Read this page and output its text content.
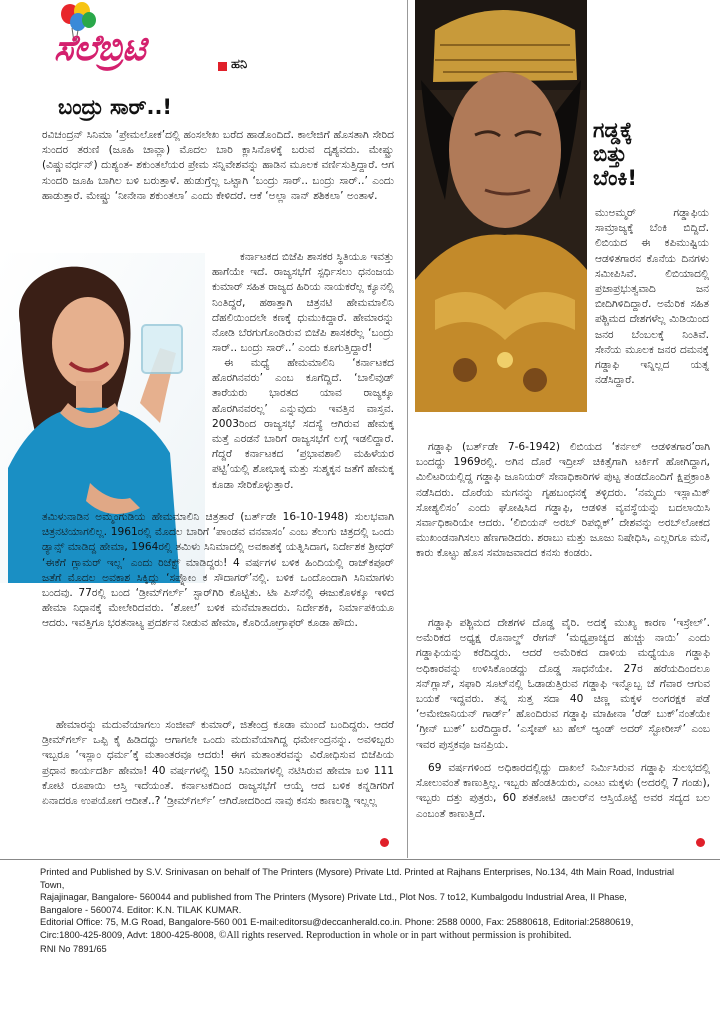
ಸೆಲೆಬ್ರಿಟಿ	ಹನಿ
ಬಂದ್ರು ಸಾರ್..!

ರವಿಚಂದ್ರನ್ ಸಿನಿಮಾ ‘ಪ್ರೇಮಲೋಕ’ದಲ್ಲಿ ಹಂಸಲೇಖ ಬರೆದ ಹಾಡೊಂದಿದೆ. ಕಾಲೇಜಿಗೆ ಹೊಸತಾಗಿ ಸೇರಿದ ಸುಂದರ ತರುಣಿ (ಜೂಹಿ ಚಾವ್ಲಾ) ಮೊದಲ ಬಾರಿ ಕ್ಲಾಸಿನೊಳಕ್ಕೆ ಬರುವ ದೃಶ್ಯವದು. ಮೇಷ್ಟ್ರು (ವಿಷ್ಣುವರ್ಧನ್) ದುಶ್ಯಂತ- ಶಕುಂತಲೆಯರ ಪ್ರೇಮ ಸನ್ನಿವೇಶವನ್ನು ಹಾಡಿನ ಮೂಲಕ ವರ್ಣಿಸುತ್ತಿದ್ದಾರೆ. ಆಗ ಸುಂದರಿ ಜೂಹಿ ಬಾಗಿಲ ಬಳಿ ಬರುತ್ತಾಳೆ. ಹುಡುಗ್ರೆಲ್ಲ ಒಟ್ಟಾಗಿ ‘ಬಂದ್ರು ಸಾರ್.. ಬಂದ್ರು ಸಾರ್..’ ಎಂದು ಹಾಡುತ್ತಾರೆ. ಮೇಷ್ಟ್ರು ‘ನೀನೇನಾ ಶಕುಂತಲಾ’ ಎಂದು ಕೇಳಿದರೆ. ಆಕೆ ‘ಅಲ್ಲಾ ನಾನ್ ಶಶಿಕಲಾ’ ಅಂತಾಳೆ.

ಕರ್ನಾಟಕದ ಬಿಜೆಪಿ ಶಾಸಕರ ಸ್ಥಿತಿಯೂ ಇವತ್ತು ಹಾಗೆಯೇ ಇದೆ. ರಾಜ್ಯಸಭೆಗೆ ಸ್ಪರ್ಧಿಸಲು ಧನಂಜಯ ಕುಮಾರ್ ಸಹಿತ ರಾಜ್ಯದ ಹಿರಿಯ ನಾಯಕರೆಲ್ಲ ಕ್ಯೂನಲ್ಲಿ ನಿಂತಿದ್ದರೆ, ಹಠಾತ್ತಾಗಿ ಚಿತ್ರನಟಿ ಹೇಮಮಾಲಿನಿ ದೆಹಲಿಯಿಂದಲೇ ಕಣಕ್ಕೆ ಧುಮುಕಿದ್ದಾರೆ. ಹೇಮಾರನ್ನು ನೋಡಿ ಬೆರಗುಗೊಂಡಿರುವ ಬಿಜೆಪಿ ಶಾಸಕರೆಲ್ಲ ‘ಬಂದ್ರು ಸಾರ್.. ಬಂದ್ರು ಸಾರ್..’ ಎಂದು ಕೂಗುತ್ತಿದ್ದಾರೆ!

ಈ ಮಧ್ಯೆ ಹೇಮಮಾಲಿನಿ ‘ಕರ್ನಾಟಕದ ಹೊರಗಿನವರು’ ಎಂಬ ಕೂಗೆದ್ದಿದೆ. ‘ಬಾಲಿವುಡ್ ತಾರೆಯರು ಭಾರತದ ಯಾವ ರಾಜ್ಯಕ್ಕೂ ಹೊರಗಿನವರಲ್ಲ’ ಎನ್ನುವುದು ಇವತ್ತಿನ ವಾಸ್ತವ. 2003ರಿಂದ ರಾಜ್ಯಸಭೆ ಸದಸ್ಯೆ ಆಗಿರುವ ಹೇಮಕ್ಕ ಮತ್ತೆ ಎರಡನೆ ಬಾರಿಗೆ ರಾಜ್ಯಸಭೆಗೆ ಲಗ್ಗೆ ಇಡಲಿದ್ದಾರೆ. ಗೆದ್ದರೆ ಕರ್ನಾಟಕದ ‘ಪ್ರಭಾವಶಾಲಿ ಮಹಿಳೆಯರ ಪಟ್ಟಿ’ಯಲ್ಲಿ ಶೋಭಾಕ್ಕ ಮತ್ತು ಸುಶ್ಮಕ್ಕನ ಜತೆಗೆ ಹೇಮಕ್ಕ ಕೂಡಾ ಸೇರಿಕೊಳ್ಳುತ್ತಾರೆ.

ತಮಿಳುನಾಡಿನ ಅಮ್ಮಂಗುಡಿಯ ಹೇಮಮಾಲಿನಿ ಚಿತ್ರತಾರೆ (ಬರ್ತ್‌ಡೇ 16-10-1948) ಸುಲಭವಾಗಿ ಚಿತ್ರನಟಿಯಾಗಲಿಲ್ಲ. 1961ರಲ್ಲಿ ಮೊದಲ ಬಾರಿಗೆ ‘ಪಾಂಡವ ವನವಾಸಂ’ ಎಂಬ ತೆಲುಗು ಚಿತ್ರದಲ್ಲಿ ಒಂದು ಡ್ಯಾನ್ಸ್ ಮಾಡಿದ್ದ ಹೇಮಾ, 1964ರಲ್ಲಿ ತಮಿಳು ಸಿನಿಮಾದಲ್ಲಿ ಅವಕಾಶಕ್ಕೆ ಯತ್ನಿಸಿದಾಗ, ನಿರ್ದೇಶಕ ಶ್ರೀಧರ್ ‘ಈಕೆಗೆ ಗ್ಲಾಮರ್ ಇಲ್ಲ’ ಎಂದು ರಿಜೆಕ್ಟ್ ಮಾಡಿದ್ದರು! 4 ವರ್ಷಗಳ ಬಳಿಕ ಹಿಂದಿಯಲ್ಲಿ ರಾಜ್‌ಕಪೂರ್ ಜತೆಗೆ ಮೊದಲ ಅವಕಾಶ ಸಿಕ್ಕಿದ್ದು ‘ಸಪ್ನೋಂ ಕ ಸೌದಾಗರ್’ನಲ್ಲಿ. ಬಳಿಕ ಒಂದೊಂದಾಗಿ ಸಿನಿಮಾಗಳು ಬಂದವು. 77ರಲ್ಲಿ ಬಂದ ‘ಡ್ರೀಮ್‌ಗರ್ಲ್’ ಸ್ಟಾರ್‌ಗಿರಿ ಕೊಟ್ಟಿತು. ಟಿಾ ಪಿಸ್‌ನಲ್ಲಿ ಈಜುಕೊಳಕ್ಕೂ ಇಳಿದ ಹೇಮಾ ನಿಧಾನಕ್ಕೆ ಮೇಲೇರಿದವರು. ‘ಶೋಲೆ’ ಬಳಿಕ ಮನೆಮಾತಾದರು. ನಿರ್ದೇಶಕಿ, ನಿರ್ಮಾಪಕಿಯೂ ಆದರು. ಇವತ್ತಿಗೂ ಭರತನಾಟ್ಯ ಪ್ರದರ್ಶನ ನೀಡುವ ಹೇಮಾ, ಕೊರಿಯೋಗ್ರಾಫರ್ ಕೂಡಾ ಹೌದು.

ಹೇಮಾರನ್ನು ಮದುವೆಯಾಗಲು ಸಂಜೀವ್ ಕುಮಾರ್, ಜಿತೇಂದ್ರ ಕೂಡಾ ಮುಂದೆ ಬಂದಿದ್ದರು. ಆದರೆ ಡ್ರೀಮ್‌ಗರ್ಲ್ ಒಪ್ಪಿ ಕೈ ಹಿಡಿದದ್ದು ಆಗಾಗಲೇ ಒಂದು ಮದುವೆಯಾಗಿದ್ದ ಧರ್ಮೇಂದ್ರನನ್ನು. ಅವಳಿಬ್ಬರು ಇಬ್ಬರೂ ‘ಇಸ್ಲಾಂ ಧರ್ಮ’ಕ್ಕೆ ಮತಾಂತರವೂ ಆದರು! ಈಗ ಮತಾಂತರವನ್ನು ವಿರೋಧಿಸುವ ಬಿಜೆಪಿಯ ಪ್ರಧಾನ ಕಾರ್ಯದರ್ಶಿ ಹೇಮಾ! 40 ವರ್ಷಗಳಲ್ಲಿ 150 ಸಿನಿಮಾಗಳಲ್ಲಿ ನಟಿಸಿರುವ ಹೇಮಾ ಬಳಿ 111 ಕೋಟಿ ರೂಪಾಯಿ ಆಸ್ತಿ ಇದೆಯಂತೆ. ಕರ್ನಾಟಕದಿಂದ ರಾಜ್ಯಸಭೆಗೆ ಆಯ್ಕೆ ಆದ ಬಳಿಕ ಕನ್ನಡಿಗರಿಗೆ ಏನಾದರೂ ಉಪಯೋಗ ಆದೀತೆ..? ‘ಡ್ರೀಮ್‌ಗರ್ಲ್’ ಆಗಿರೋದರಿಂದ ನಾವು ಕನಸು ಕಾಣಲಡ್ಡಿ ಇಲ್ಲಲ್ಲ

ಗಡ್ಡಕ್ಕೆ
ಬಿತ್ತು
ಬೆಂಕಿ!

ಮುಅಮ್ಮರ್ ಗಡ್ಡಾಫಿಯ ಸಾಮ್ರಾಜ್ಯಕ್ಕೆ ಬೆಂಕಿ ಬಿದ್ದಿದೆ. ಲಿಬಿಯದ ಈ ಕಪಿಮುಷ್ಟಿಯ ಆಡಳಿತಗಾರನ ಕೊನೆಯ ದಿನಗಳು ಸಮೀಪಿಸಿವೆ. ಲಿಬಿಯಾದಲ್ಲಿ ಪ್ರಜಾಪ್ರಭುತ್ವವಾದಿ ಜನ ಬೀದಿಗಿಳಿದಿದ್ದಾರೆ. ಅಮೆರಿಕ ಸಹಿತ ಪಶ್ಚಿಮದ ದೇಶಗಳೆಲ್ಲ ಮಿಡಿಯಿಂದ ಜನರ ಬೆಂಬಲಕ್ಕೆ ನಿಂತಿವೆ. ಸೇನೆಯ ಮೂಲಕ ಜನರ ದಮನಕ್ಕೆ ಗಡ್ಡಾಫಿ ಇನ್ನಿಲ್ಲದ ಯತ್ನ ನಡೆಸಿದ್ದಾರೆ.

ಗಡ್ಡಾಫಿ (ಬರ್ತ್‌ಡೇ 7-6-1942) ಲಿಬಿಯದ ‘ಕರ್ನಲ್ ಆಡಳಿತಗಾರ’ರಾಗಿ ಬಂದದ್ದು 1969ರಲ್ಲಿ. ಅಗಿನ ದೊರೆ ಇದ್ರೀಸ್ ಚಿಕಿತ್ಸೆಗಾಗಿ ಟರ್ಕಿಗೆ ಹೋಗಿದ್ದಾಗ, ಮಿಲಿಟರಿಯಲ್ಲಿದ್ದ ಗಡ್ಡಾಫಿ ಜೂನಿಯರ್ ಸೇನಾಧಿಕಾರಿಗಳ ಪುಟ್ಟ ತಂಡದೊಂದಿಗೆ ಕ್ಷಿಪ್ರಕ್ರಾಂತಿ ನಡೆಸಿದರು. ದೊರೆಯ ಮಗನನ್ನು ಗೃಹಬಂಧನಕ್ಕೆ ತಳ್ಳಿದರು. ‘ನಮ್ಮದು ಇಸ್ಲಾಮಿಕ್ ಸೋಶ್ಯಲಿಸಂ’ ಎಂದು ಘೋಷಿಸಿದ ಗಡ್ಡಾಫಿ, ಆಡಳಿತ ವ್ಯವಸ್ಥೆಯನ್ನು ಬದಲಾಯಿಸಿ ಸರ್ವಾಧಿಕಾರಿಯೇ ಆದರು. ‘ಲಿಬಿಯನ್ ಅರಬ್ ರಿಪಬ್ಲಿಕ್’ ದೇಶವನ್ನು ಅರಬ್‌ಲೋಕದ ಮುಖಂಡನಾಗಿಸಲು ಹೆಣಗಾಡಿದರು. ಶರಾಬು ಮತ್ತು ಜೂಜು ನಿಷೇಧಿಸಿ, ಎಲ್ಲರಿಗೂ ಮನೆ, ಕಾರು ಕೊಟ್ಟು ಹೊಸ ಸಮಾಜವಾದದ ಕನಸು ಕಂಡರು.

ಗಡ್ಡಾಫಿ ಪಶ್ಚಿಮದ ದೇಶಗಳ ದೊಡ್ಡ ವೈರಿ. ಅದಕ್ಕೆ ಮುಖ್ಯ ಕಾರಣ ‘ಇಸ್ರೇಲ್’. ಅಮೆರಿಕದ ಅಧ್ಯಕ್ಷ ರೊನಾಲ್ಡ್ ರೇಗನ್ ‘ಮಧ್ಯಪ್ರಾಚ್ಯದ ಹುಚ್ಚು ನಾಯಿ’ ಎಂದು ಗಡ್ಡಾಫಿಯನ್ನು ಕರೆದಿದ್ದರು. ಆದರೆ ಅಮೆರಿಕದ ದಾಳಿಯ ಮಧ್ಯೆಯೂ ಗಡ್ಡಾಫಿ ಅಧಿಕಾರವನ್ನು ಉಳಿಸಿಕೊಂಡದ್ದು ದೊಡ್ಡ ಸಾಧನೆಯೇ. 27ರ ಹರೆಯದಿಂದಲೂ ಸನ್‌ಗ್ಲಾಸ್, ಸಫಾರಿ ಸೂಟ್‌ನಲ್ಲಿ ಓಡಾಡುತ್ತಿರುವ ಗಡ್ಡಾಫಿ ಇನ್ನೊಬ್ಬ ಚೆ ಗೆವಾರ ಆಗುವ ಬಯಕೆ ಇದ್ದವರು. ತನ್ನ ಸುತ್ತ ಸದಾ 40 ಚಿಣ್ಣ ಮಕ್ಕಳ ಅಂಗರಕ್ಷಕ ಪಡೆ ‘ಅಮೇಜಾನಿಯನ್ ಗಾರ್ಡ್’ ಹೊಂದಿರುವ ಗಡ್ಡಾಫಿ ಮಾಹೀನಾ ‘ರೆಡ್ ಬುಕ್’ನಂತೆಯೇ ‘ಗ್ರೀನ್ ಬುಕ್’ ಬರೆದಿದ್ದಾರೆ. ‘ಎಸ್ಕೇಪ್ ಟು ಹೆಲ್ ಆ್ಯಂಡ್ ಅದರ್ ಸ್ಟೋರೀಸ್’ ಎಂಬ ಇವರ ಪುಸ್ತಕವೂ ಜನಪ್ರಿಯ.

69 ವರ್ಷಗಳಿಂದ ಅಧಿಕಾರದಲ್ಲಿದ್ದು ದಾಖಲೆ ನಿರ್ಮಿಸಿರುವ ಗಡ್ಡಾಫಿ ಸುಲಭದಲ್ಲಿ ಸೋಲುವಂತೆ ಕಾಣುತ್ತಿಲ್ಲ. ಇಬ್ಬರು ಹೆಂಡತಿಯರು, ಎಂಟು ಮಕ್ಕಳು (ಅದರಲ್ಲಿ 7 ಗಂಡು), ಇಬ್ಬರು ದತ್ತು ಪುತ್ರರು, 60 ಶತಕೋಟಿ ಡಾಲರ್‌ನ ಆಸ್ತಿಯೊಟ್ಟೆ ಅವರ ಸದ್ಯದ ಬಲ ಎಂಬಂತೆ ಕಾಣುತ್ತಿದೆ.

Printed and Published by S.V. Srinivasan on behalf of The Printers (Mysore) Private Ltd. Printed at Rajhans Enterprises, No.134, 4th Main Road, Industrial Town,

Rajajinagar, Bangalore- 560044 and published from The Printers (Mysore) Private Ltd., Plot Nos. 7 to12, Kumbalgodu Industrial Area, II Phase,

Bangalore - 560074. Editor: K.N. TILAK KUMAR.

Editorial Office: 75, M.G Road, Bangalore-560 001 E-mail:editorsu@deccanherald.co.in. Phone: 2588 0000, Fax: 25880618, Editorial:25880619,

Circ:1800-425-8009, Advt: 1800-425-8008, ©All rights reserved. Reproduction in whole or in part without permission is prohibited.

RNI No 7891/65
